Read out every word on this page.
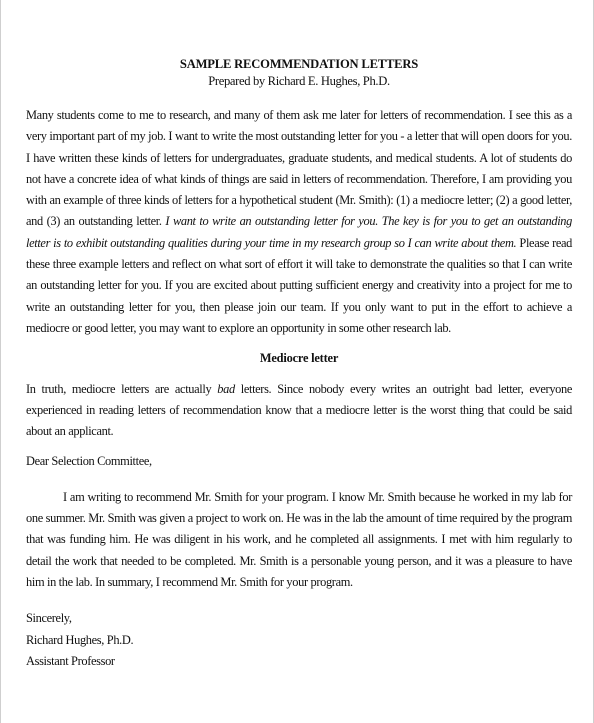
SAMPLE RECOMMENDATION LETTERS

Prepared by Richard E. Hughes, Ph.D.

Many students come to me to research, and many of them ask me later for letters of recommendation. I see this as a very important part of my job. I want to write the most outstanding letter for you - a letter that will open doors for you. I have written these kinds of letters for undergraduates, graduate students, and medical students. A lot of students do not have a concrete idea of what kinds of things are said in letters of recommendation. Therefore, I am providing you with an example of three kinds of letters for a hypothetical student (Mr. Smith): (1) a mediocre letter; (2) a good letter, and (3) an outstanding letter. I want to write an outstanding letter for you. The key is for you to get an outstanding letter is to exhibit outstanding qualities during your time in my research group so I can write about them. Please read these three example letters and reflect on what sort of effort it will take to demonstrate the qualities so that I can write an outstanding letter for you. If you are excited about putting sufficient energy and creativity into a project for me to write an outstanding letter for you, then please join our team. If you only want to put in the effort to achieve a mediocre or good letter, you may want to explore an opportunity in some other research lab.

Mediocre letter

In truth, mediocre letters are actually bad letters. Since nobody every writes an outright bad letter, everyone experienced in reading letters of recommendation know that a mediocre letter is the worst thing that could be said about an applicant.

Dear Selection Committee,

I am writing to recommend Mr. Smith for your program. I know Mr. Smith because he worked in my lab for one summer. Mr. Smith was given a project to work on. He was in the lab the amount of time required by the program that was funding him. He was diligent in his work, and he completed all assignments. I met with him regularly to detail the work that needed to be completed. Mr. Smith is a personable young person, and it was a pleasure to have him in the lab. In summary, I recommend Mr. Smith for your program.

Sincerely,

Richard Hughes, Ph.D.

Assistant Professor
